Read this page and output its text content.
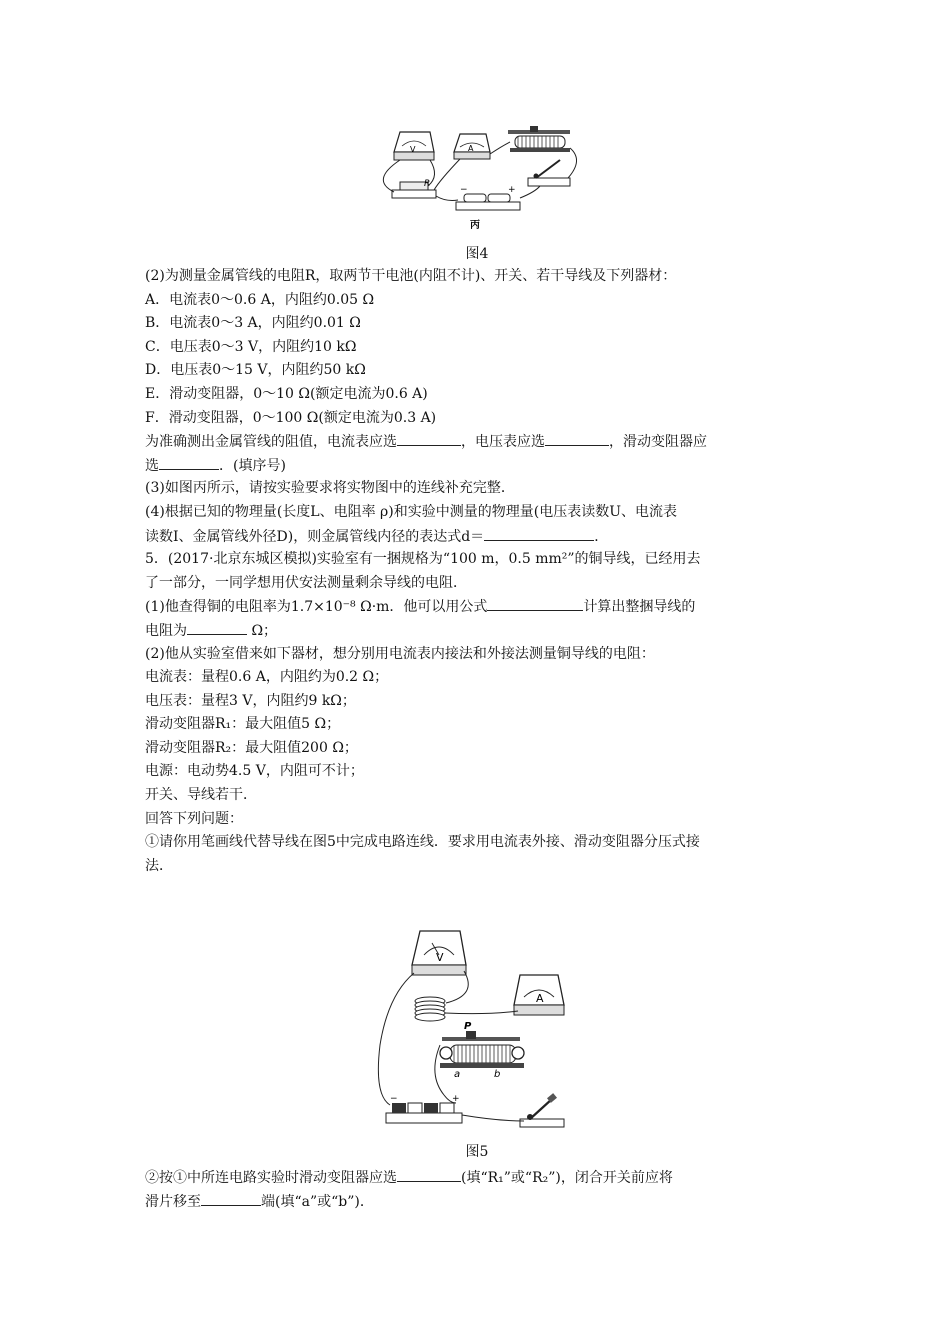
V	A
R
−	+
丙
图4
(2)为测量金属管线的电阻R，取两节干电池(内阻不计)、开关、若干导线及下列器材：
A．电流表0～0.6 A，内阻约0.05 Ω
B．电流表0～3 A，内阻约0.01 Ω
C．电压表0～3 V，内阻约10 kΩ
D．电压表0～15 V，内阻约50 kΩ
E．滑动变阻器，0～10 Ω(额定电流为0.6 A)
F．滑动变阻器，0～100 Ω(额定电流为0.3 A)
为准确测出金属管线的阻值，电流表应选	，电压表应选	，滑动变阻器应
选	．(填序号)
(3)如图丙所示，请按实验要求将实物图中的连线补充完整．
(4)根据已知的物理量(长度L、电阻率 ρ)和实验中测量的物理量(电压表读数U、电流表
读数I、金属管线外径D)，则金属管线内径的表达式d＝	．
5．(2017·北京东城区模拟)实验室有一捆规格为“100 m，0.5 mm²”的铜导线，已经用去
了一部分，一同学想用伏安法测量剩余导线的电阻．
(1)他查得铜的电阻率为1.7×10⁻⁸ Ω·m．他可以用公式	计算出整捆导线的
电阻为	Ω；
(2)他从实验室借来如下器材，想分别用电流表内接法和外接法测量铜导线的电阻：
电流表：量程0.6 A，内阻约为0.2 Ω；
电压表：量程3 V，内阻约9 kΩ；
滑动变阻器R₁：最大阻值5 Ω；
滑动变阻器R₂：最大阻值200 Ω；
电源：电动势4.5 V，内阻可不计；
开关、导线若干．
回答下列问题：
①请你用笔画线代替导线在图5中完成电路连线．要求用电流表外接、滑动变阻器分压式接
法．
V
A
P
a	b
−	+
图5
②按①中所连电路实验时滑动变阻器应选	(填“R₁”或“R₂”)，闭合开关前应将
滑片移至	端(填“a”或“b”)．
